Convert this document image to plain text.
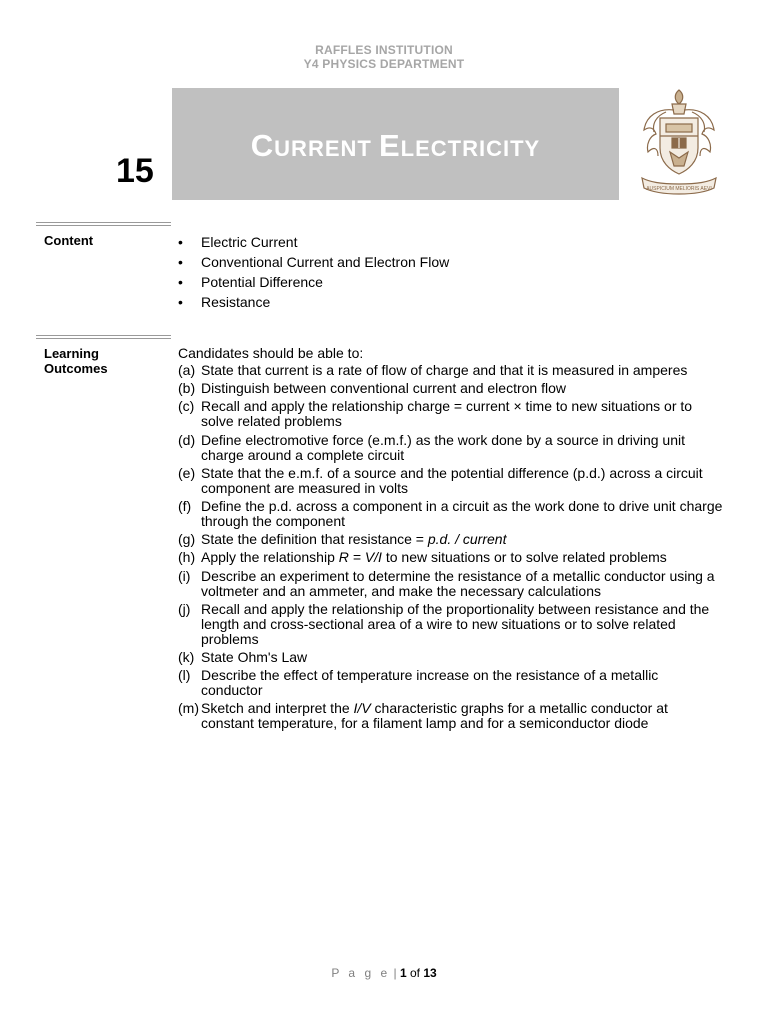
RAFFLES INSTITUTION
Y4 PHYSICS DEPARTMENT
15
CURRENT ELECTRICITY
AUSPICIUM MELIORIS AEVI
Content
•	Electric Current
• Conventional Current and Electron Flow
• Potential Difference
• Resistance
Learning
Outcomes
Candidates should be able to:
(a) State that current is a rate of flow of charge and that it is measured in amperes
(b) Distinguish between conventional current and electron flow
(c) Recall and apply the relationship charge = current × time to new situations or to solve related problems
(d) Define electromotive force (e.m.f.) as the work done by a source in driving unit charge around a complete circuit
(e) State that the e.m.f. of a source and the potential difference (p.d.) across a circuit component are measured in volts
(f) Define the p.d. across a component in a circuit as the work done to drive unit charge through the component
(g) State the definition that resistance = p.d. / current
(h) Apply the relationship R = V/I to new situations or to solve related problems
(i) Describe an experiment to determine the resistance of a metallic conductor using a voltmeter and an ammeter, and make the necessary calculations
(j) Recall and apply the relationship of the proportionality between resistance and the length and cross-sectional area of a wire to new situations or to solve related problems
(k) State Ohm's Law
(l) Describe the effect of temperature increase on the resistance of a metallic conductor
(m) Sketch and interpret the I/V characteristic graphs for a metallic conductor at constant temperature, for a filament lamp and for a semiconductor diode
P a g e | 1 of 13
